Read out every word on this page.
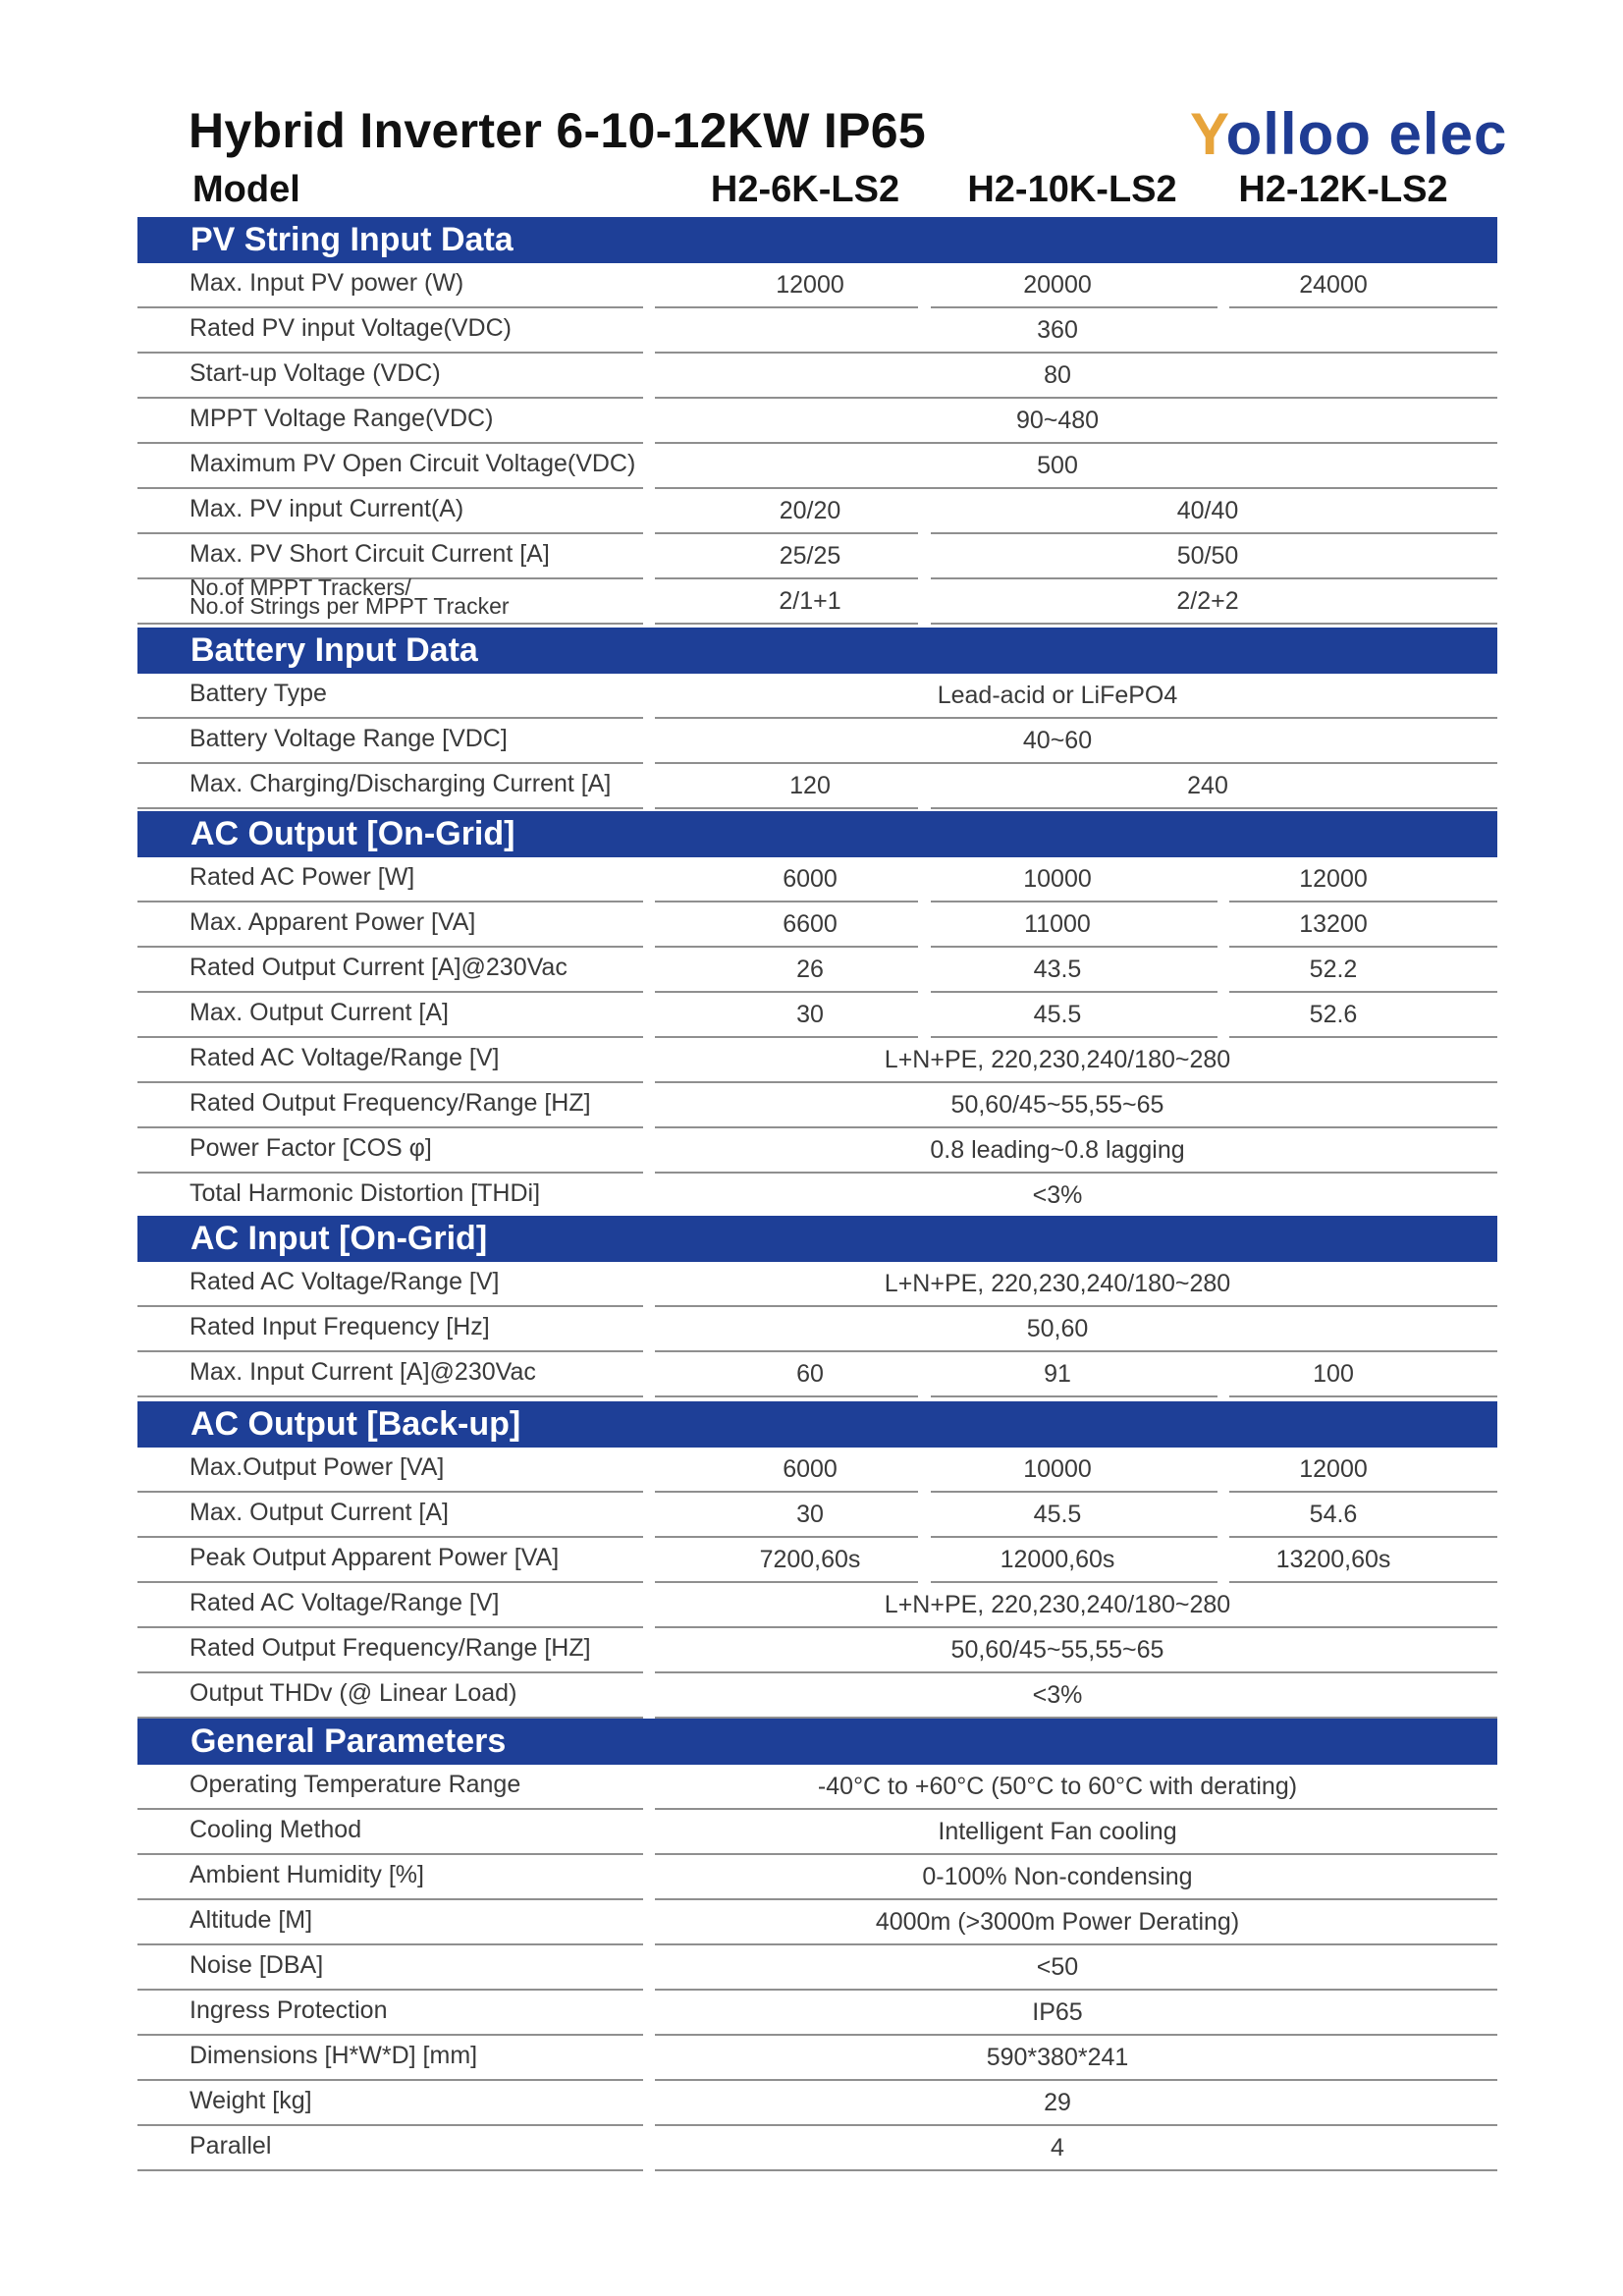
Hybrid Inverter 6-10-12KW IP65	Yolloo elec
Model	H2-6K-LS2 H2-10K-LS2 H2-12K-LS2
PV String Input Data
Max. Input PV power (W)	12000	20000	24000
Rated PV input Voltage(VDC)	360
Start-up Voltage (VDC)	80
MPPT Voltage Range(VDC)	90~480
Maximum PV Open Circuit Voltage(VDC)	500
Max. PV input Current(A)	20/20	40/40
Max. PV Short Circuit Current [A]	25/25	50/50
No.of MPPT Trackers/
No.of Strings per MPPT Tracker	2/1+1	2/2+2
Battery Input Data
Battery Type	Lead-acid or LiFePO4
Battery Voltage Range [VDC]	40~60
Max. Charging/Discharging Current [A]	120	240
AC Output [On-Grid]
Rated AC Power [W]	6000	10000	12000
Max. Apparent Power [VA]	6600	11000	13200
Rated Output Current [A]@230Vac	26	43.5	52.2
Max. Output Current [A]	30	45.5	52.6
Rated AC Voltage/Range [V]	L+N+PE, 220,230,240/180~280
Rated Output Frequency/Range [HZ]	50,60/45~55,55~65
Power Factor [COS φ]	0.8 leading~0.8 lagging
Total Harmonic Distortion [THDi]	<3%
AC Input [On-Grid]
Rated AC Voltage/Range [V]	L+N+PE, 220,230,240/180~280
Rated Input Frequency [Hz]	50,60
Max. Input Current [A]@230Vac	60	91	100
AC Output [Back-up]
Max.Output Power [VA]	6000	10000	12000
Max. Output Current [A]	30	45.5	54.6
Peak Output Apparent Power [VA]	7200,60s	12000,60s	13200,60s
Rated AC Voltage/Range [V]	L+N+PE, 220,230,240/180~280
Rated Output Frequency/Range [HZ]	50,60/45~55,55~65
Output THDv (@ Linear Load)	<3%
General Parameters
Operating Temperature Range	-40°C to +60°C (50°C to 60°C with derating)
Cooling Method	Intelligent Fan cooling
Ambient Humidity [%]	0-100% Non-condensing
Altitude [M]	4000m (>3000m Power Derating)
Noise [DBA]	<50
Ingress Protection	IP65
Dimensions [H*W*D] [mm]	590*380*241
Weight [kg]	29
Parallel	4
